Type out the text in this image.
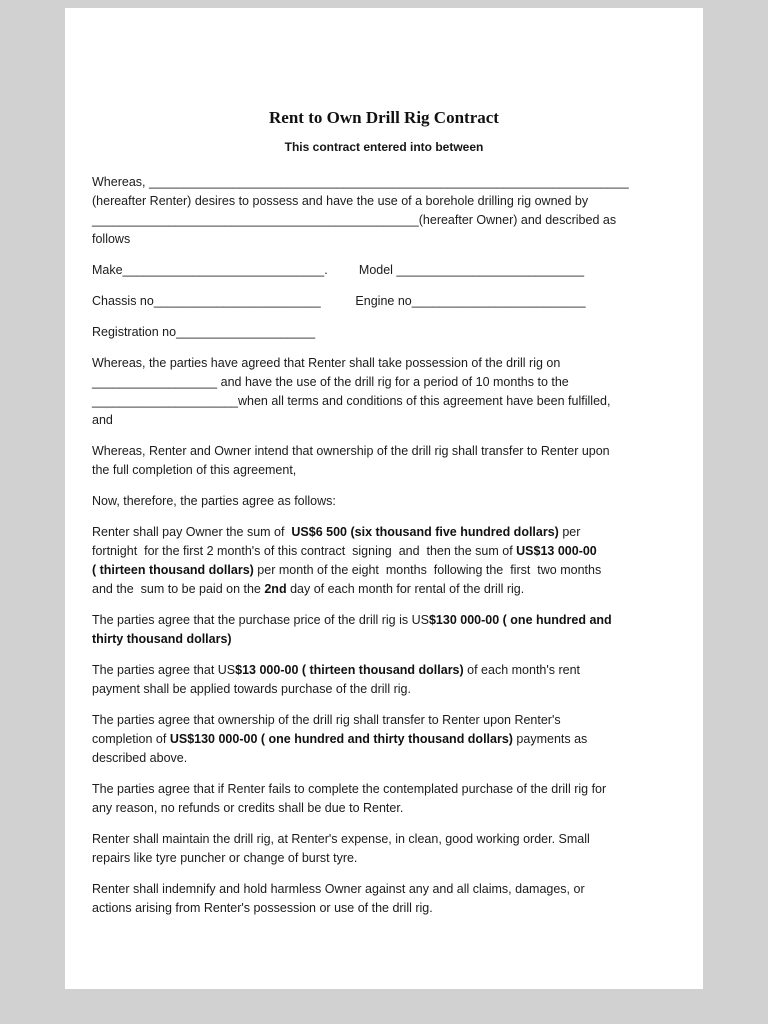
Rent to Own Drill Rig Contract
This contract entered into between

Whereas, _____________________________________________________________________
(hereafter Renter) desires to possess and have the use of a borehole drilling rig owned by
_______________________________________________(hereafter Owner) and described as
follows

Make_____________________________.         Model ___________________________

Chassis no________________________          Engine no_________________________

Registration no____________________

Whereas, the parties have agreed that Renter shall take possession of the drill rig on
__________________ and have the use of the drill rig for a period of 10 months to the
_____________________when all terms and conditions of this agreement have been fulfilled,
and

Whereas, Renter and Owner intend that ownership of the drill rig shall transfer to Renter upon
the full completion of this agreement,

Now, therefore, the parties agree as follows:

Renter shall pay Owner the sum of  US$6 500 (six thousand five hundred dollars) per
fortnight  for the first 2 month's of this contract  signing  and  then the sum of US$13 000-00
( thirteen thousand dollars) per month of the eight  months  following the  first  two months
and the  sum to be paid on the 2nd day of each month for rental of the drill rig.

The parties agree that the purchase price of the drill rig is US$130 000-00 ( one hundred and
thirty thousand dollars)

The parties agree that US$13 000-00 ( thirteen thousand dollars) of each month's rent
payment shall be applied towards purchase of the drill rig.

The parties agree that ownership of the drill rig shall transfer to Renter upon Renter's
completion of US$130 000-00 ( one hundred and thirty thousand dollars) payments as
described above.

The parties agree that if Renter fails to complete the contemplated purchase of the drill rig for
any reason, no refunds or credits shall be due to Renter.

Renter shall maintain the drill rig, at Renter's expense, in clean, good working order. Small
repairs like tyre puncher or change of burst tyre.

Renter shall indemnify and hold harmless Owner against any and all claims, damages, or
actions arising from Renter's possession or use of the drill rig.
